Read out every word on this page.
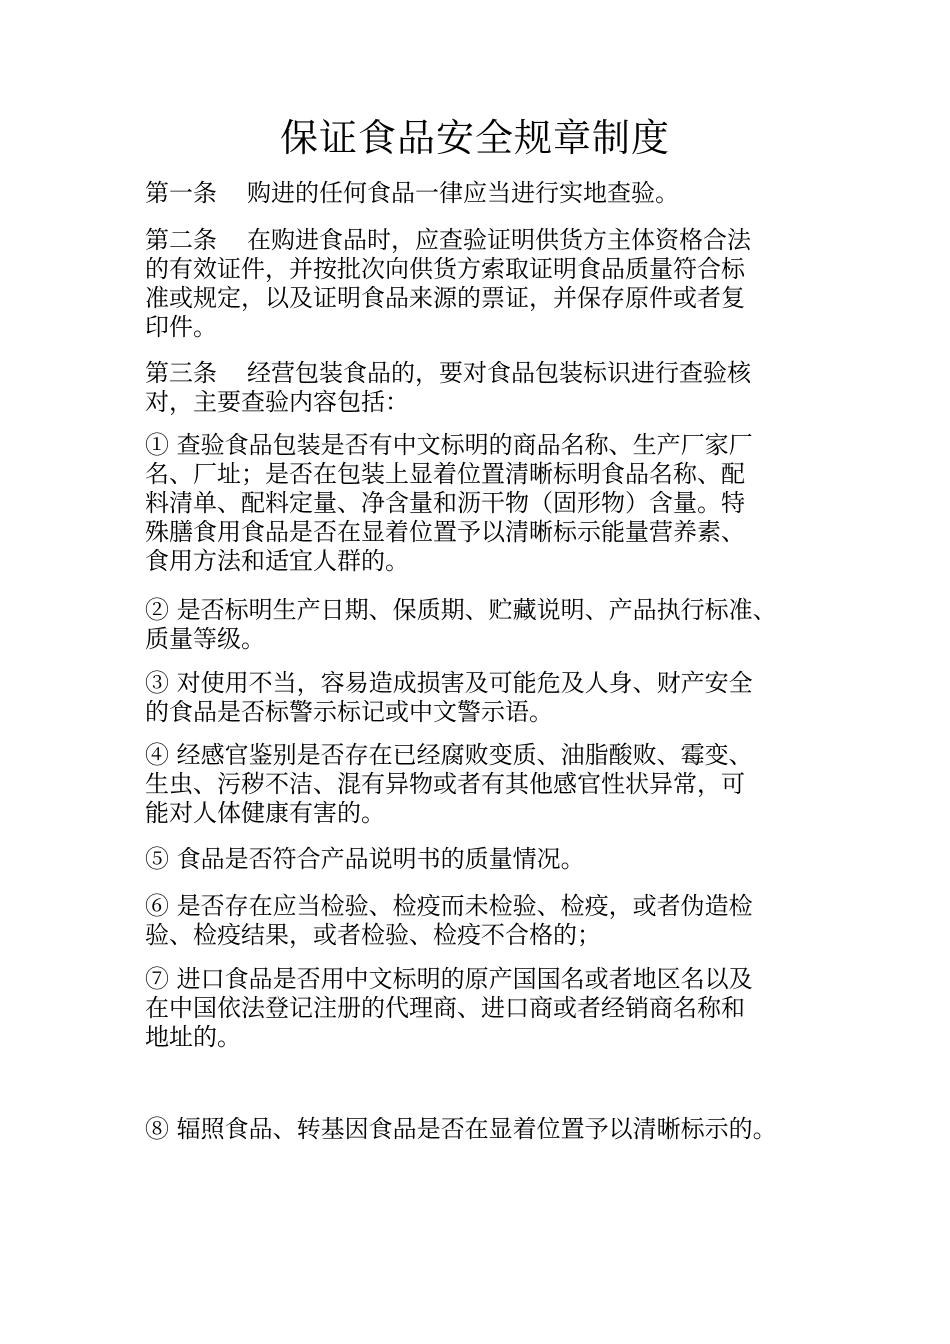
保证食品安全规章制度

第一条 购进的任何食品一律应当进行实地查验。

第二条 在购进食品时，应查验证明供货方主体资格合法
的有效证件，并按批次向供货方索取证明食品质量符合标
准或规定，以及证明食品来源的票证，并保存原件或者复
印件。

第三条 经营包装食品的，要对食品包装标识进行查验核
对，主要查验内容包括：

① 查验食品包装是否有中文标明的商品名称、生产厂家厂
名、厂址；是否在包装上显着位置清晰标明食品名称、配
料清单、配料定量、净含量和沥干物（固形物）含量。特
殊膳食用食品是否在显着位置予以清晰标示能量营养素、
食用方法和适宜人群的。

② 是否标明生产日期、保质期、贮藏说明、产品执行标准、
质量等级。

③ 对使用不当，容易造成损害及可能危及人身、财产安全
的食品是否标警示标记或中文警示语。

④ 经感官鉴别是否存在已经腐败变质、油脂酸败、霉变、
生虫、污秽不洁、混有异物或者有其他感官性状异常，可
能对人体健康有害的。

⑤ 食品是否符合产品说明书的质量情况。

⑥ 是否存在应当检验、检疫而未检验、检疫，或者伪造检
验、检疫结果，或者检验、检疫不合格的；

⑦ 进口食品是否用中文标明的原产国国名或者地区名以及
在中国依法登记注册的代理商、进口商或者经销商名称和
地址的。

⑧ 辐照食品、转基因食品是否在显着位置予以清晰标示的。
